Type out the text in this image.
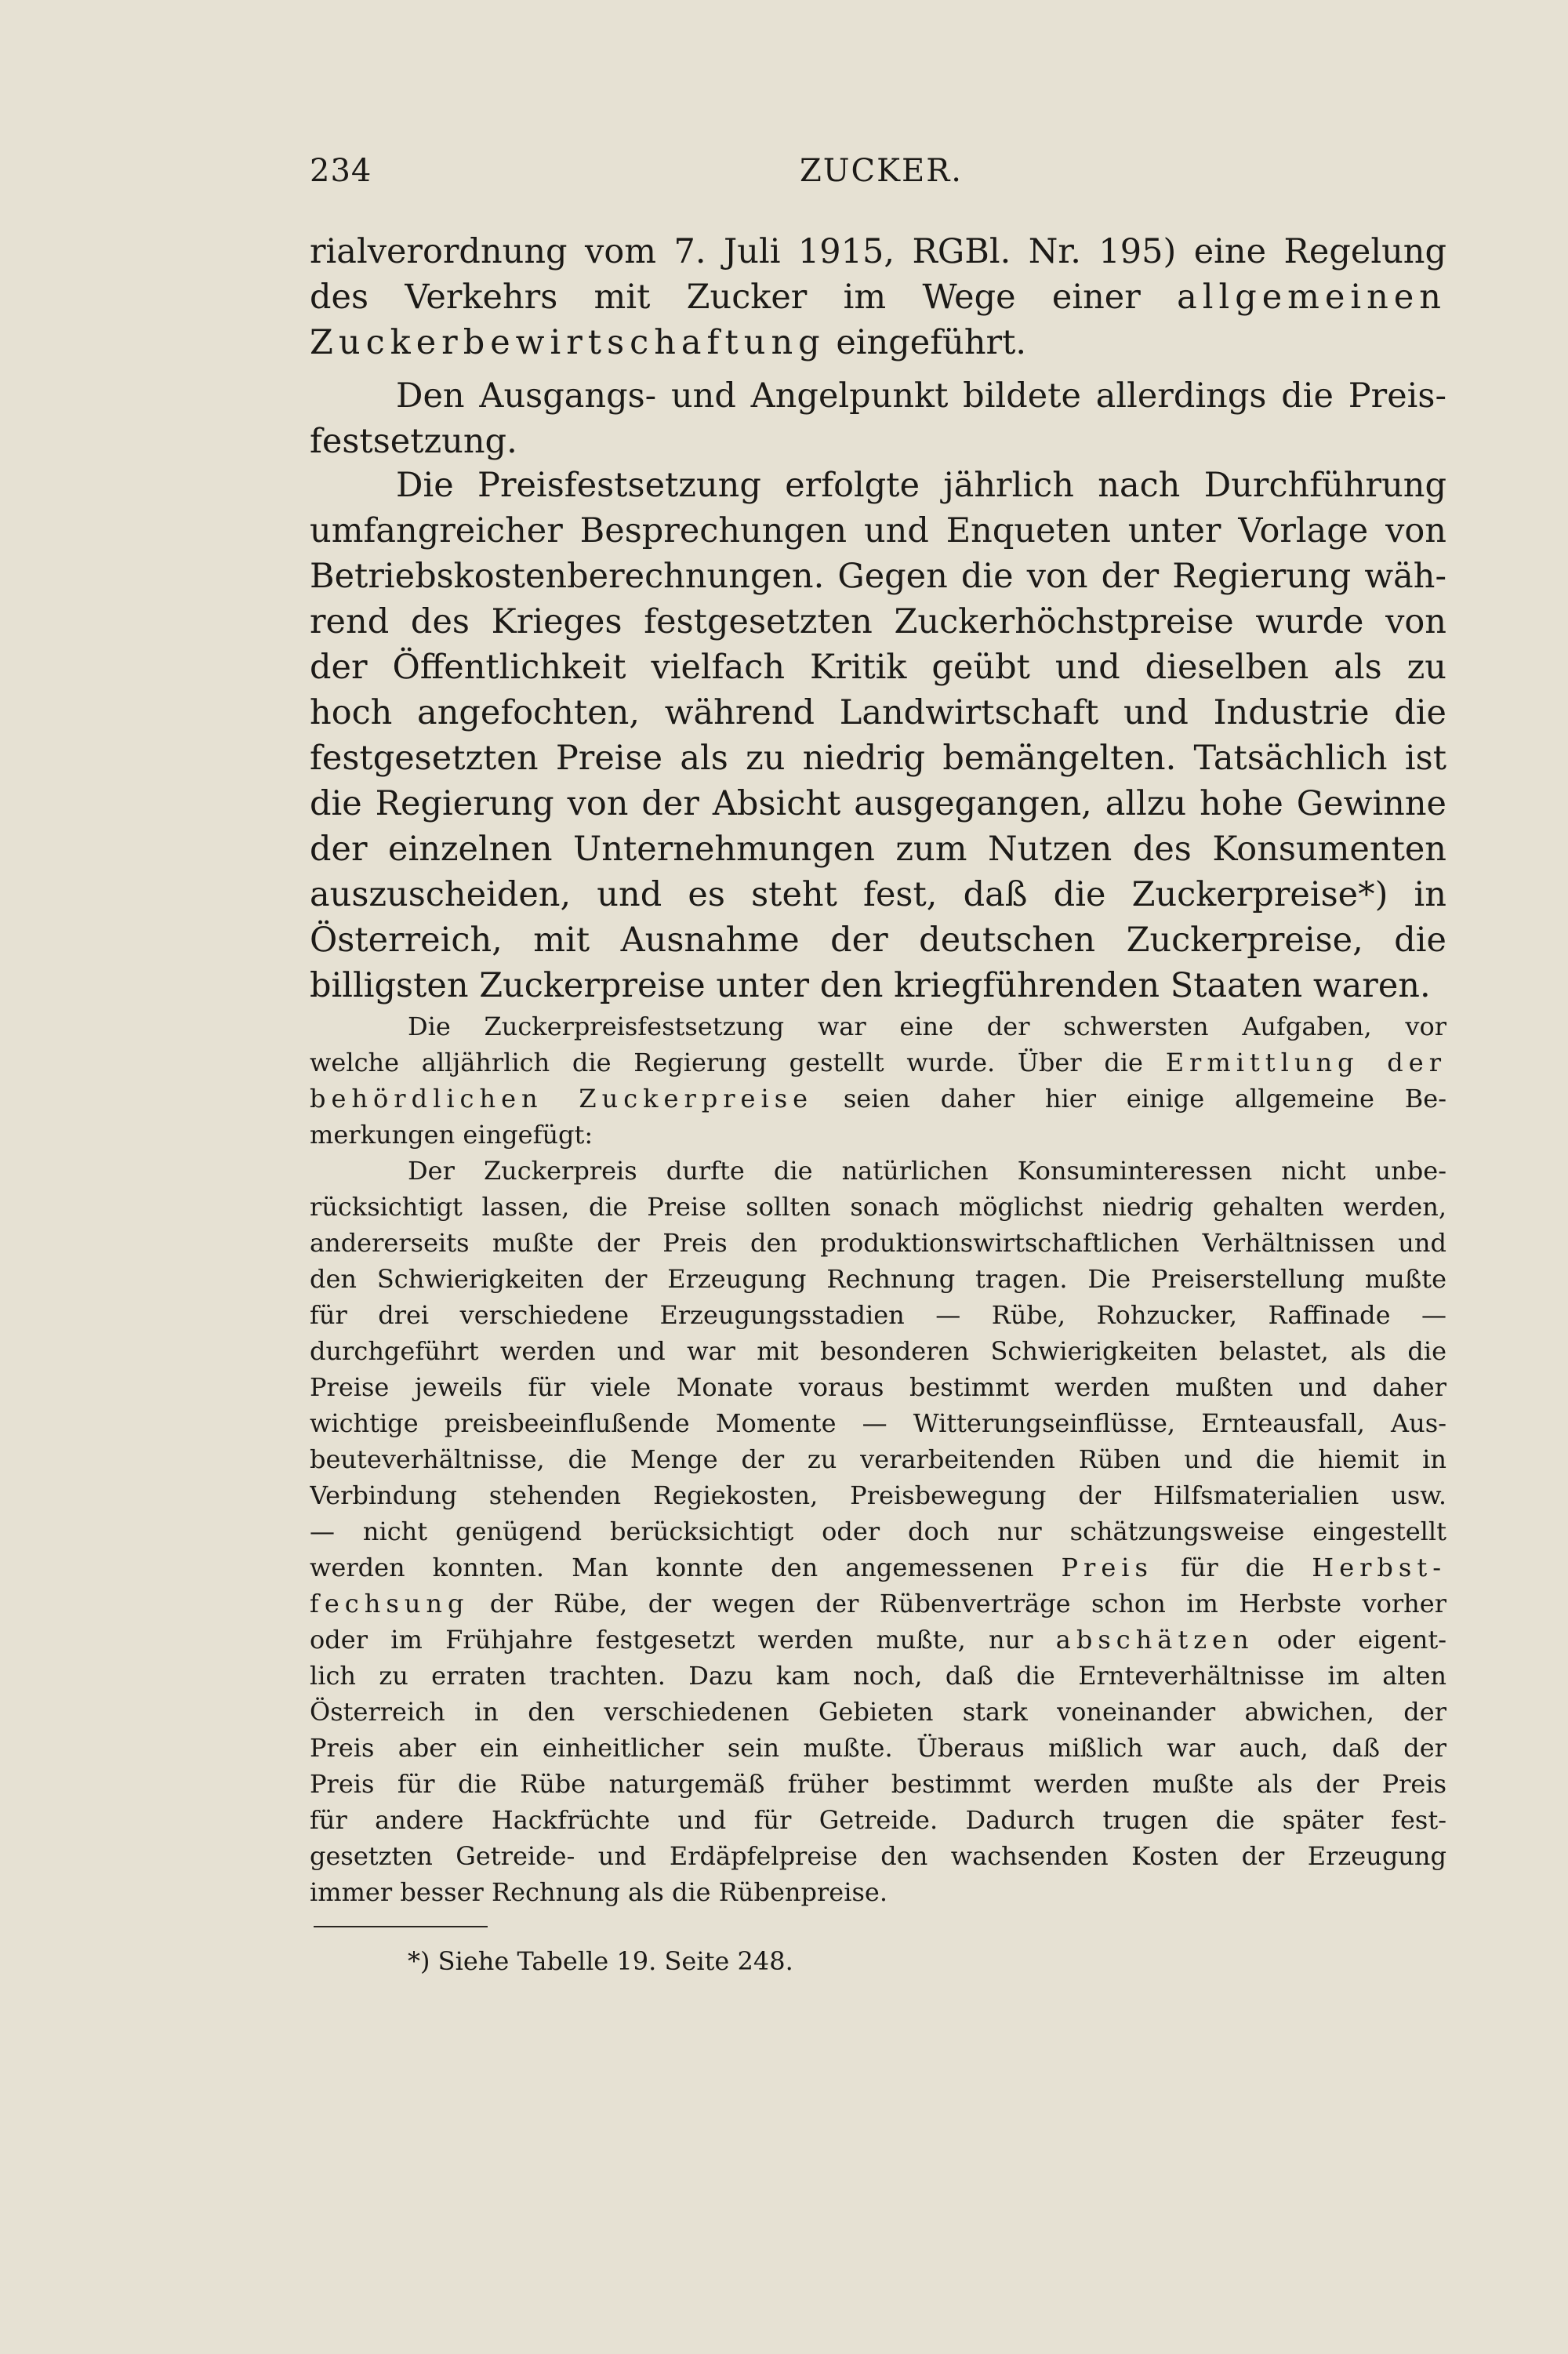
234	ZUCKER.
rialverordnung vom 7. Juli 1915, RGBl. Nr. 195) eine Regelung
des Verkehrs mit Zucker im Wege einer allgemeinen
Zuckerbewirtschaftung eingeführt.
Den Ausgangs- und Angelpunkt bildete allerdings die Preis-
festsetzung.
Die Preisfestsetzung erfolgte jährlich nach Durchführung
umfangreicher Besprechungen und Enqueten unter Vorlage von
Betriebskostenberechnungen. Gegen die von der Regierung wäh-
rend des Krieges festgesetzten Zuckerhöchstpreise wurde von
der Öffentlichkeit vielfach Kritik geübt und dieselben als zu
hoch angefochten, während Landwirtschaft und Industrie die
festgesetzten Preise als zu niedrig bemängelten. Tatsächlich ist
die Regierung von der Absicht ausgegangen, allzu hohe Gewinne
der einzelnen Unternehmungen zum Nutzen des Konsumenten
auszuscheiden, und es steht fest, daß die Zuckerpreise*) in
Österreich, mit Ausnahme der deutschen Zuckerpreise, die
billigsten Zuckerpreise unter den kriegführenden Staaten waren.
Die Zuckerpreisfestsetzung war eine der schwersten Aufgaben, vor
welche alljährlich die Regierung gestellt wurde. Über die Ermittlung der
behördlichen Zuckerpreise seien daher hier einige allgemeine Be-
merkungen eingefügt:
Der Zuckerpreis durfte die natürlichen Konsuminteressen nicht unbe-
rücksichtigt lassen, die Preise sollten sonach möglichst niedrig gehalten werden,
andererseits mußte der Preis den produktionswirtschaftlichen Verhältnissen und
den Schwierigkeiten der Erzeugung Rechnung tragen. Die Preiserstellung mußte
für drei verschiedene Erzeugungsstadien — Rübe, Rohzucker, Raffinade —
durchgeführt werden und war mit besonderen Schwierigkeiten belastet, als die
Preise jeweils für viele Monate voraus bestimmt werden mußten und daher
wichtige preisbeeinflußende Momente — Witterungseinflüsse, Ernteausfall, Aus-
beuteverhältnisse, die Menge der zu verarbeitenden Rüben und die hiemit in
Verbindung stehenden Regiekosten, Preisbewegung der Hilfsmaterialien usw.
— nicht genügend berücksichtigt oder doch nur schätzungsweise eingestellt
werden konnten. Man konnte den angemessenen Preis für die Herbst-
fechsung der Rübe, der wegen der Rübenverträge schon im Herbste vorher
oder im Frühjahre festgesetzt werden mußte, nur abschätzen oder eigent-
lich zu erraten trachten. Dazu kam noch, daß die Ernteverhältnisse im alten
Österreich in den verschiedenen Gebieten stark voneinander abwichen, der
Preis aber ein einheitlicher sein mußte. Überaus mißlich war auch, daß der
Preis für die Rübe naturgemäß früher bestimmt werden mußte als der Preis
für andere Hackfrüchte und für Getreide. Dadurch trugen die später fest-
gesetzten Getreide- und Erdäpfelpreise den wachsenden Kosten der Erzeugung
immer besser Rechnung als die Rübenpreise.
*) Siehe Tabelle 19. Seite 248.
